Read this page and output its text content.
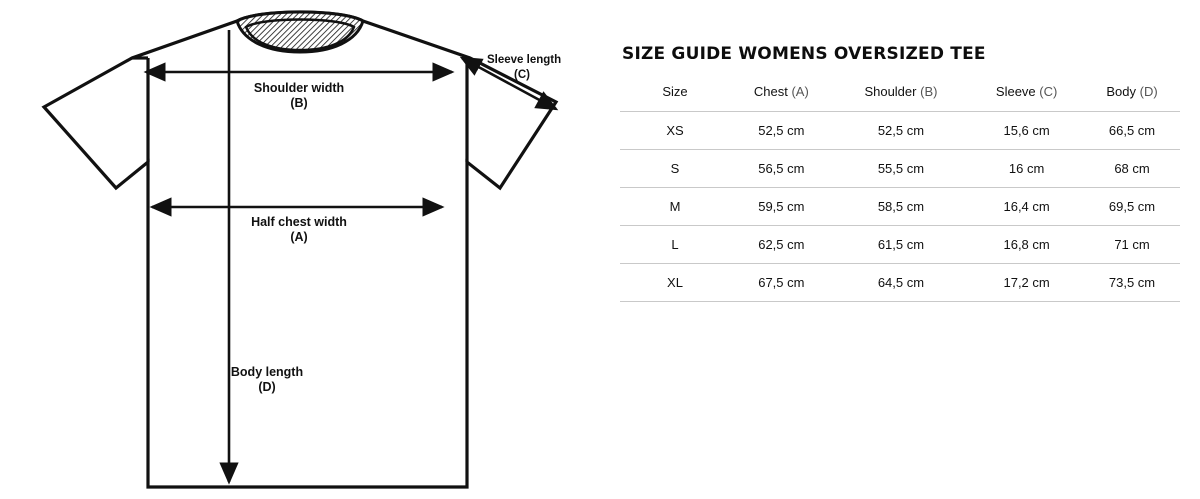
Shoulder width
(B)
Sleeve length
(C)
Half chest width
(A)
Body length
(D)
SIZE GUIDE WOMENS OVERSIZED TEE
Size	Chest (A)	Shoulder (B)	Sleeve (C)	Body (D)
XS	52,5 cm	52,5 cm	15,6 cm	66,5 cm
S	56,5 cm	55,5 cm	16 cm	68 cm
M	59,5 cm	58,5 cm	16,4 cm	69,5 cm
L	62,5 cm	61,5 cm	16,8 cm	71 cm
XL	67,5 cm	64,5 cm	17,2 cm	73,5 cm
